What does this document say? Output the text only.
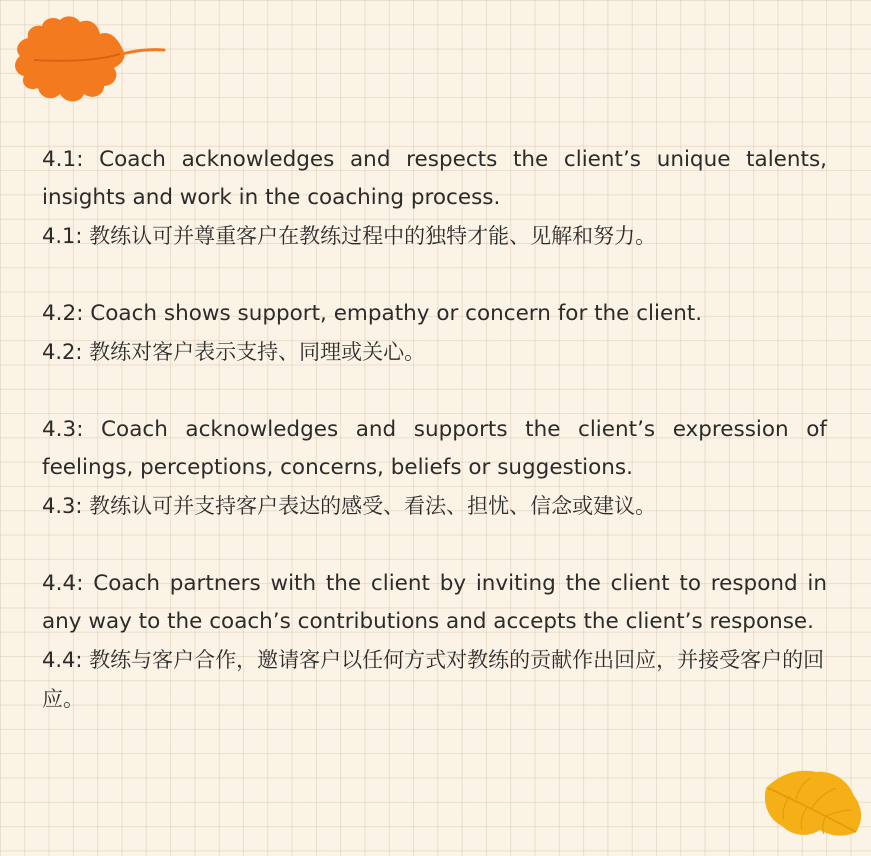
4.1: Coach acknowledges and respects the client’s unique talents, insights and work in the coaching process.
4.1: 教练认可并尊重客户在教练过程中的独特才能、见解和努力。
4.2: Coach shows support, empathy or concern for the client.
4.2: 教练对客户表示支持、同理或关心。
4.3: Coach acknowledges and supports the client’s expression of feelings, perceptions, concerns, beliefs or suggestions.
4.3: 教练认可并支持客户表达的感受、看法、担忧、信念或建议。
4.4: Coach partners with the client by inviting the client to respond in any way to the coach’s contributions and accepts the client’s response.
4.4: 教练与客户合作，邀请客户以任何方式对教练的贡献作出回应，并接受客户的回应。
